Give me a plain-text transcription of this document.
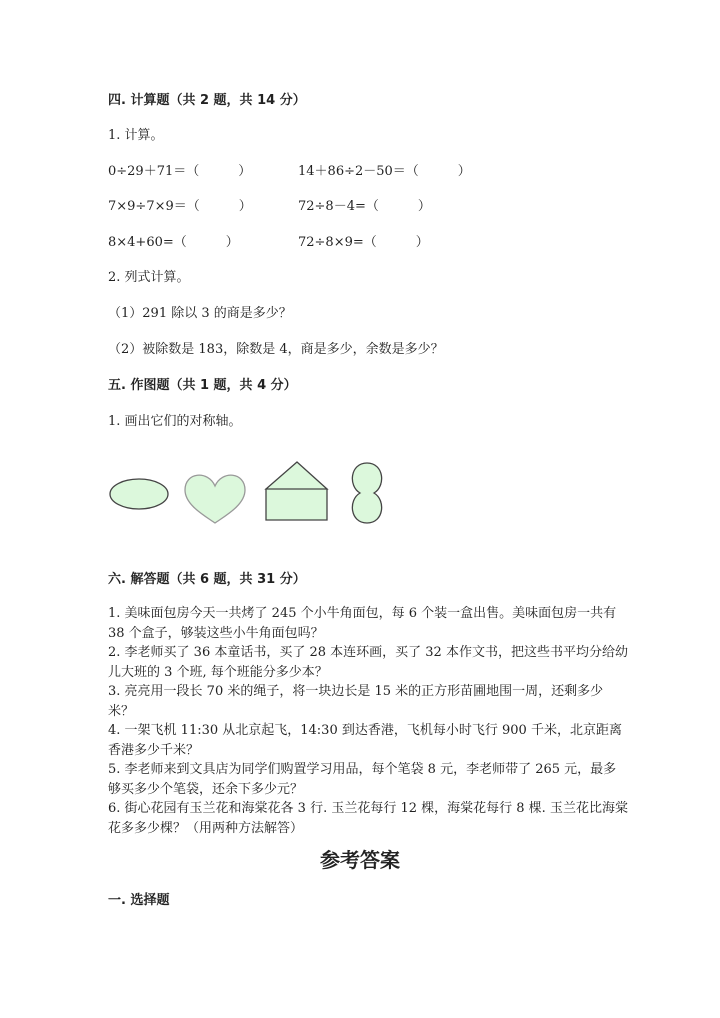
四. 计算题（共 2 题，共 14 分）
1. 计算。
0÷29＋71＝（　　　）	14＋86÷2－50＝（　　　）
7×9÷7×9＝（　　　）	72÷8－4=（　　　）
8×4+60=（　　　）	72÷8×9=（　　　）
2. 列式计算。
（1）291 除以 3 的商是多少？
（2）被除数是 183，除数是 4，商是多少，余数是多少？
五. 作图题（共 1 题，共 4 分）
1. 画出它们的对称轴。
六. 解答题（共 6 题，共 31 分）
1. 美味面包房今天一共烤了 245 个小牛角面包，每 6 个装一盒出售。美味面包房一共有 38 个盒子，够装这些小牛角面包吗？
2. 李老师买了 36 本童话书，买了 28 本连环画，买了 32 本作文书，把这些书平均分给幼儿大班的 3 个班, 每个班能分多少本？
3. 亮亮用一段长 70 米的绳子，将一块边长是 15 米的正方形苗圃地围一周，还剩多少米？
4. 一架飞机 11:30 从北京起飞，14:30 到达香港，飞机每小时飞行 900 千米，北京距离香港多少千米？
5. 李老师来到文具店为同学们购置学习用品，每个笔袋 8 元，李老师带了 265 元，最多够买多少个笔袋，还余下多少元？
6. 街心花园有玉兰花和海棠花各 3 行. 玉兰花每行 12 棵，海棠花每行 8 棵. 玉兰花比海棠花多多少棵？（用两种方法解答）
参考答案
一. 选择题
